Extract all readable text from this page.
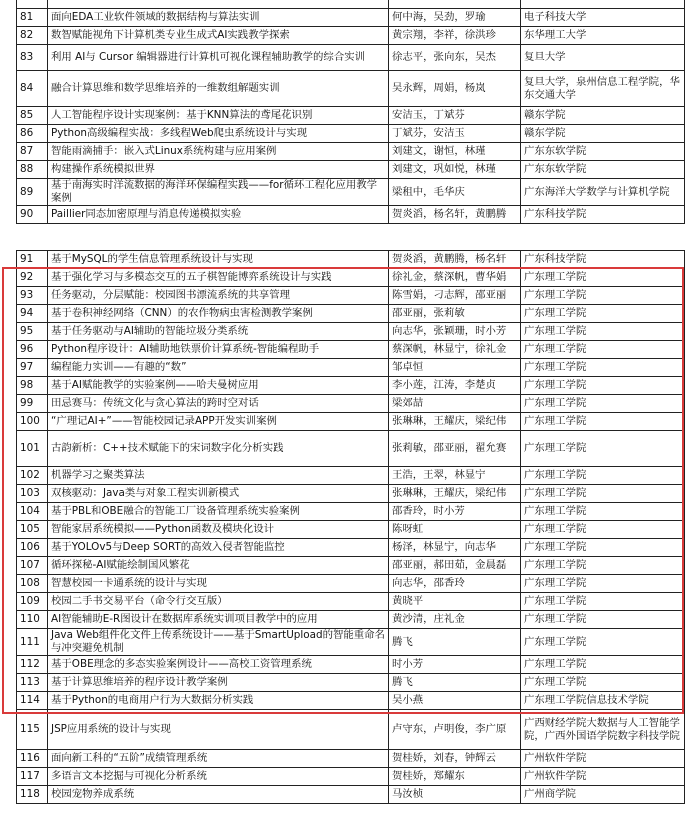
81	面向EDA工业软件领域的数据结构与算法实训	何中海，吴劲，罗瑜	电子科技大学
82	数智赋能视角下计算机类专业生成式AI实践教学探索	黄宗翔，李祥，徐洪珍	东华理工大学
83	利用 AI与 Cursor 编辑器进行计算机可视化课程辅助教学的综合实训	徐志平，张向东，吴杰	复旦大学
84	融合计算思维和数学思维培养的一维数组解题实训	吴永辉，周娟，杨岚	复旦大学，泉州信息工程学院，华东交通大学
85	人工智能程序设计实现案例：基于KNN算法的鸢尾花识别	安洁玉，丁斌芬	赣东学院
86	Python高级编程实战：多线程Web爬虫系统设计与实现	丁斌芬，安洁玉	赣东学院
87	智能雨滴捕手：嵌入式Linux系统构建与应用案例	刘建文，谢恒，林瑾	广东东软学院
88	构建操作系统模拟世界	刘建文，巩如悦，林瑾	广东东软学院
89	基于南海实时洋流数据的海洋环保编程实践——for循环工程化应用教学案例	梁租中，毛华庆	广东海洋大学数学与计算机学院
90	Paillier同态加密原理与消息传递模拟实验	贺炎滔，杨名轩，黄鹏腾	广东科技学院
91	基于MySQL的学生信息管理系统设计与实现	贺炎滔，黄鹏腾，杨名轩	广东科技学院
92	基于强化学习与多模态交互的五子棋智能博弈系统设计与实践	徐礼金，蔡深帆，曹华娟	广东理工学院
93	任务驱动，分层赋能：校园图书漂流系统的共享管理	陈雪娟，刁志辉，邵亚丽	广东理工学院
94	基于卷积神经网络（CNN）的农作物病虫害检测教学案例	邵亚丽，张莉敏	广东理工学院
95	基于任务驱动与AI辅助的智能垃圾分类系统	向志华，张颖珊，时小芳	广东理工学院
96	Python程序设计：AI辅助地铁票价计算系统-智能编程助手	蔡深帆，林显宁，徐礼金	广东理工学院
97	编程能力实训——有趣的“数”	邹卓恒	广东理工学院
98	基于AI赋能教学的实验案例——哈夫曼树应用	李小莲，江涛，李楚贞	广东理工学院
99	田忌赛马：传统文化与贪心算法的跨时空对话	梁郊喆	广东理工学院
100	“广理记AI+”——智能校园记录APP开发实训案例	张琳琳，王耀庆，梁纪伟	广东理工学院
101	古韵新析：C++技术赋能下的宋词数字化分析实践	张莉敏，邵亚丽，翟允赛	广东理工学院
102	机器学习之聚类算法	王浩，王翠，林显宁	广东理工学院
103	双核驱动：Java类与对象工程实训新模式	张琳琳，王耀庆，梁纪伟	广东理工学院
104	基于PBL和OBE融合的智能工厂设备管理系统实验案例	邵香玲，时小芳	广东理工学院
105	智能家居系统模拟——Python函数及模块化设计	陈呀虹	广东理工学院
106	基于YOLOv5与Deep SORT的高效入侵者智能监控	杨泽，林显宁，向志华	广东理工学院
107	循环探秘-AI赋能绘制国风繁花	邵亚丽，郝田茹，金晨磊	广东理工学院
108	智慧校园一卡通系统的设计与实现	向志华，邵香玲	广东理工学院
109	校园二手书交易平台（命令行交互版）	黄晓平	广东理工学院
110	AI智能辅助E-R图设计在数据库系统实训项目教学中的应用	黄沙清，庄礼金	广东理工学院
111	Java Web组件化文件上传系统设计——基于SmartUpload的智能重命名与冲突避免机制	腾飞	广东理工学院
112	基于OBE理念的多态实验案例设计——高校工资管理系统	时小芳	广东理工学院
113	基于计算思维培养的程序设计教学案例	腾飞	广东理工学院
114	基于Python的电商用户行为大数据分析实践	吴小燕	广东理工学院信息技术学院
115	JSP应用系统的设计与实现	卢守东，卢明俊，李广原	广西财经学院大数据与人工智能学院，广西外国语学院数字科技学院
116	面向新工科的“五阶”成绩管理系统	贺桂娇，刘春，钟辉云	广州软件学院
117	多语言文本挖掘与可视化分析系统	贺桂娇，郑耀东	广州软件学院
118	校园宠物养成系统	马汝桢	广州商学院
